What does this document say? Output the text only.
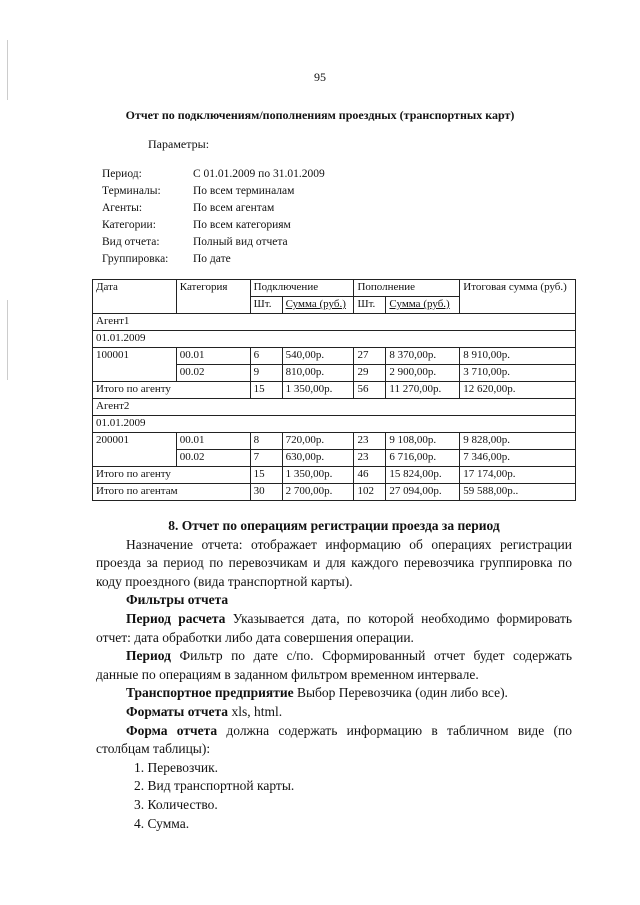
95
Отчет по подключениям/пополнениям проездных (транспортных карт)
Параметры:
Период:	С 01.01.2009 по 31.01.2009
Терминалы:	По всем терминалам
Агенты:	По всем агентам
Категории:	По всем категориям
Вид отчета:	Полный вид отчета
Группировка:	По дате
Дата	Категория	Подключение		Пополнение		Итоговая сумма (руб.)
		Шт.	Сумма (руб.)	Шт.	Сумма (руб.)	
Агент1						
01.01.2009						
100001	00.01	6	540,00р.	27	8 370,00р.	8 910,00р.
	00.02	9	810,00р.	29	2 900,00р.	3 710,00р.
Итого по агенту		15	1 350,00р.	56	11 270,00р.	12 620,00р.
Агент2						
01.01.2009						
200001	00.01	8	720,00р.	23	9 108,00р.	9 828,00р.
	00.02	7	630,00р.	23	6 716,00р.	7 346,00р.
Итого по агенту		15	1 350,00р.	46	15 824,00р.	17 174,00р.
Итого по агентам		30	2 700,00р.	102	27 094,00р.	59 588,00р..

8. Отчет по операциям регистрации проезда за период

Назначение отчета: отображает информацию об операциях регистрации проезда за период по перевозчикам и для каждого перевозчика группировка по коду проездного (вида транспортной карты).

Фильтры отчета

Период расчета Указывается дата, по которой необходимо формировать отчет: дата обработки либо дата совершения операции.

Период Фильтр по дате с/по. Сформированный отчет будет содержать данные по операциям в заданном фильтром временном интервале.

Транспортное предприятие Выбор Перевозчика (один либо все).

Форматы отчета xls, html.

Форма отчета должна содержать информацию в табличном виде (по столбцам таблицы):

1. Перевозчик.
2. Вид транспортной карты.
3. Количество.
4. Сумма.
